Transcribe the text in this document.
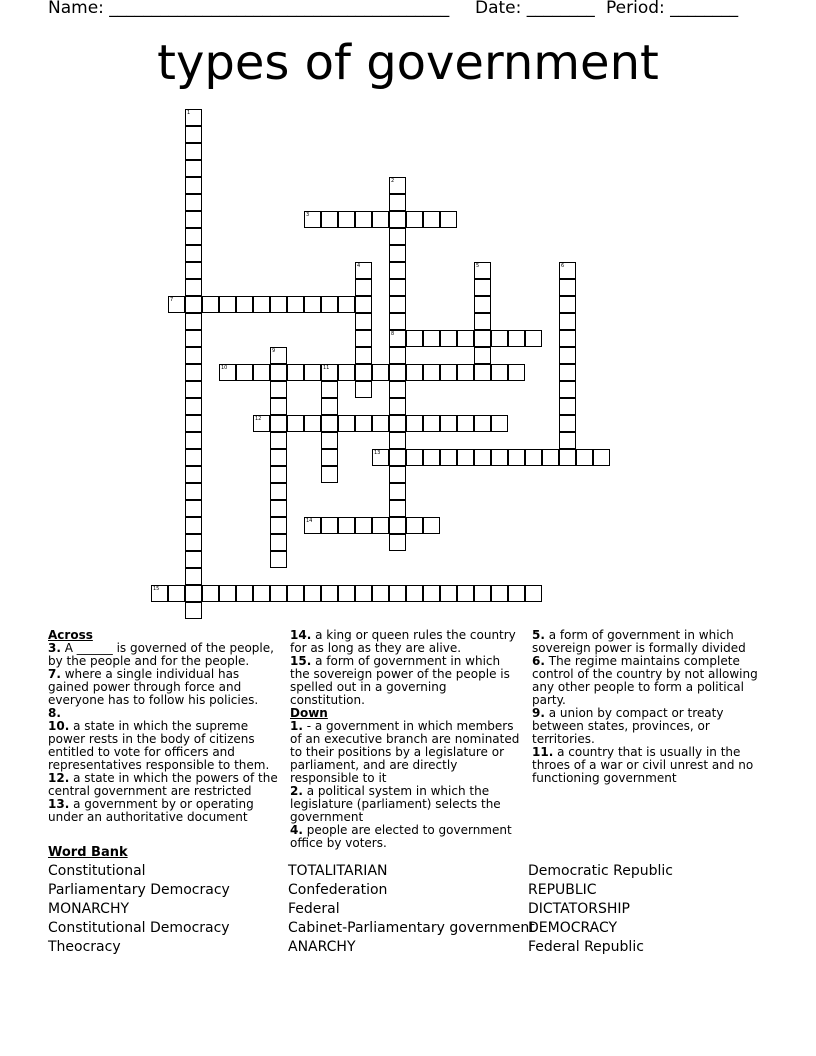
Name: ________________________________________ Date: ________ Period: ________
types of government
1
2
8
3
4	5	6
7
9
10	11
12
13
14
15
Across
3. A ______ is governed of the people, by the people and for the people.
7. where a single individual has gained power through force and everyone has to follow his policies.
8.
10. a state in which the supreme power rests in the body of citizens entitled to vote for officers and representatives responsible to them.
12. a state in which the powers of the central government are restricted
13. a government by or operating under an authoritative document
14. a king or queen rules the country for as long as they are alive.
15. a form of government in which the sovereign power of the people is spelled out in a governing constitution.
Down
1. - a government in which members of an executive branch are nominated to their positions by a legislature or parliament, and are directly responsible to it
2. a political system in which the legislature (parliament) selects the government
4. people are elected to government office by voters.
5. a form of government in which sovereign power is formally divided
6. The regime maintains complete control of the country by not allowing any other people to form a political party.
9. a union by compact or treaty between states, provinces, or territories.
11. a country that is usually in the throes of a war or civil unrest and no functioning government
Word Bank
Constitutional
Parliamentary Democracy
MONARCHY
Constitutional Democracy
Theocracy
TOTALITARIAN
Confederation
Federal
Cabinet-Parliamentary government
ANARCHY
Democratic Republic
REPUBLIC
DICTATORSHIP
DEMOCRACY
Federal Republic
